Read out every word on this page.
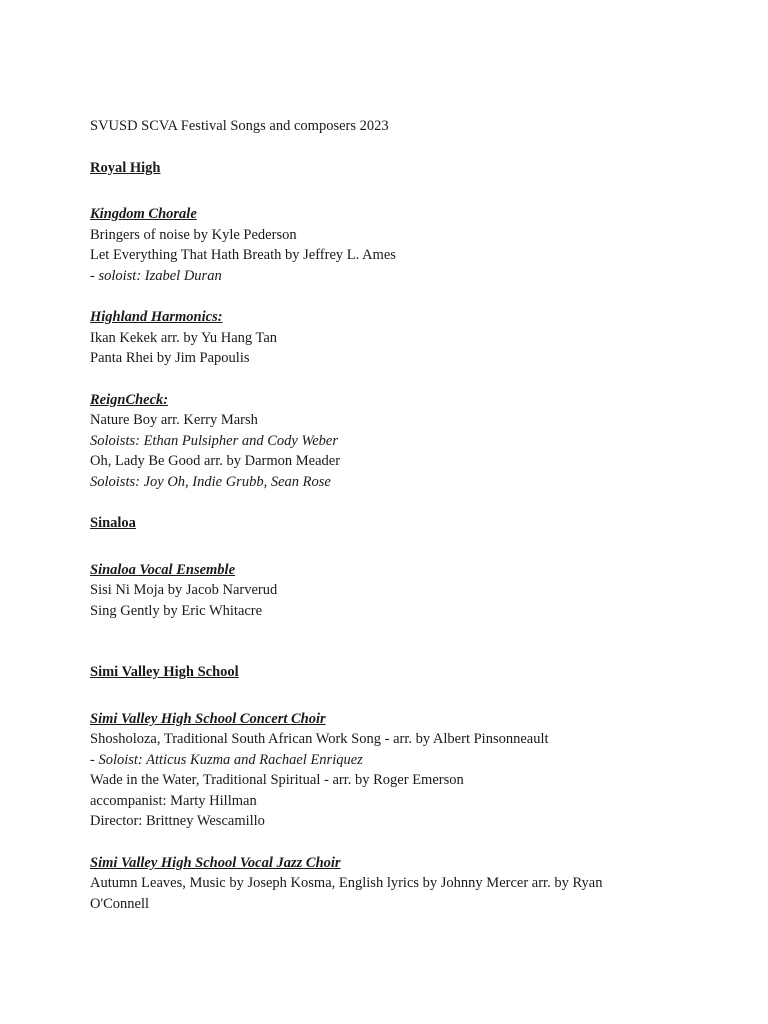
SVUSD SCVA Festival Songs and composers 2023
Royal High
Kingdom Chorale
Bringers of noise by Kyle Pederson
Let Everything That Hath Breath by Jeffrey L. Ames
- soloist: Izabel Duran
Highland Harmonics:
Ikan Kekek arr. by Yu Hang Tan
Panta Rhei by Jim Papoulis
ReignCheck:
Nature Boy arr. Kerry Marsh
Soloists: Ethan Pulsipher and Cody Weber
Oh, Lady Be Good arr. by Darmon Meader
Soloists: Joy Oh, Indie Grubb, Sean Rose
Sinaloa
Sinaloa Vocal Ensemble
Sisi Ni Moja by Jacob Narverud
Sing Gently by Eric Whitacre
Simi Valley High School
Simi Valley High School Concert Choir
Shosholoza, Traditional South African Work Song - arr. by Albert Pinsonneault
- Soloist: Atticus Kuzma and Rachael Enriquez
Wade in the Water, Traditional Spiritual - arr. by Roger Emerson
accompanist: Marty Hillman
Director: Brittney Wescamillo
Simi Valley High School Vocal Jazz Choir
Autumn Leaves, Music by Joseph Kosma, English lyrics by Johnny Mercer arr. by Ryan O'Connell
